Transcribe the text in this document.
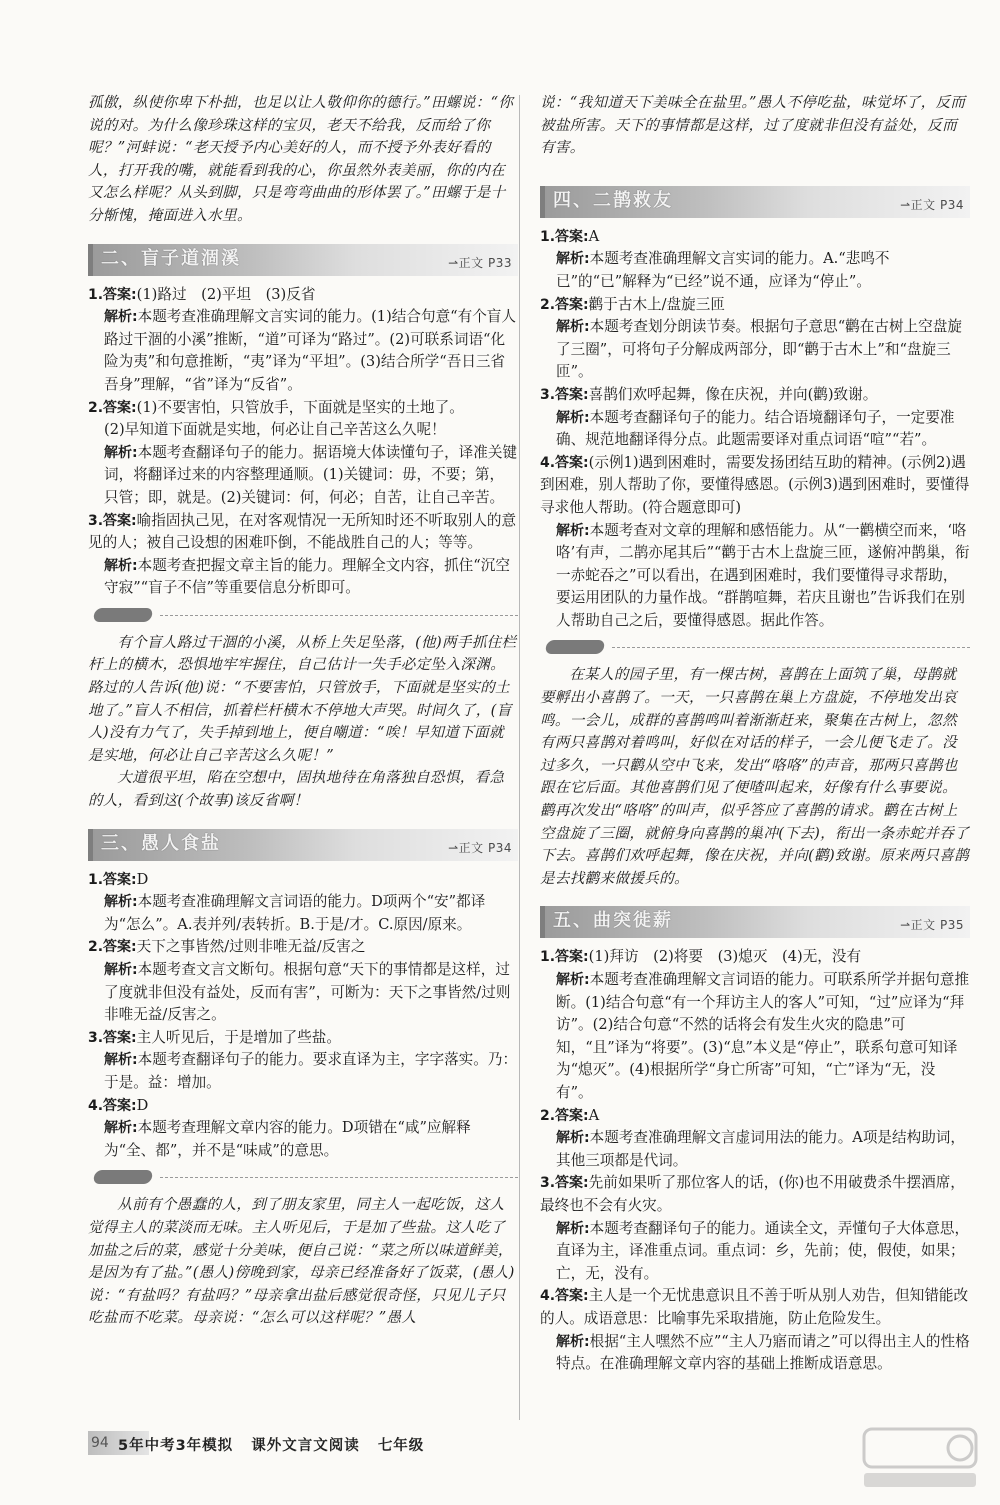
孤傲，纵使你卑下朴拙，也足以让人敬仰你的德行。”田螺说：“你说的对。为什么像珍珠这样的宝贝，老天不给我，反而给了你呢？”河蚌说：“老天授予内心美好的人，而不授予外表好看的人，打开我的嘴，就能看到我的心，你虽然外表美丽，你的内在又怎么样呢？从头到脚，只是弯弯曲曲的形体罢了。”田螺于是十分惭愧，掩面进入水里。

二、盲子道涸溪	⇀正文 P33

1.答案:(1)路过　(2)平坦　(3)反省

解析:本题考查准确理解文言实词的能力。(1)结合句意“有个盲人路过干涸的小溪”推断，“道”可译为“路过”。(2)可联系词语“化险为夷”和句意推断，“夷”译为“平坦”。(3)结合所学“吾日三省吾身”理解，“省”译为“反省”。

2.答案:(1)不要害怕，只管放手，下面就是坚实的土地了。

(2)早知道下面就是实地，何必让自己辛苦这么久呢！

解析:本题考查翻译句子的能力。据语境大体读懂句子，译准关键词，将翻译过来的内容整理通顺。(1)关键词：毋，不要；第，只管；即，就是。(2)关键词：何，何必；自苦，让自己辛苦。

3.答案:喻指固执己见，在对客观情况一无所知时还不听取别人的意见的人；被自己设想的困难吓倒，不能战胜自己的人；等等。

解析:本题考查把握文章主旨的能力。理解全文内容，抓住“沉空守寂”“盲子不信”等重要信息分析即可。

有个盲人路过干涸的小溪，从桥上失足坠落，(他)两手抓住栏杆上的横木，恐惧地牢牢握住，自己估计一失手必定坠入深渊。路过的人告诉(他)说：“不要害怕，只管放手，下面就是坚实的土地了。”盲人不相信，抓着栏杆横木不停地大声哭。时间久了，(盲人)没有力气了，失手掉到地上，便自嘲道：“唉！早知道下面就是实地，何必让自己辛苦这么久呢！”

大道很平坦，陷在空想中，固执地待在角落独自恐惧，看急的人，看到这(个故事)该反省啊！

三、愚人食盐	⇀正文 P34

1.答案:D

解析:本题考查准确理解文言词语的能力。D项两个“安”都译为“怎么”。A.表并列/表转折。B.于是/才。C.原因/原来。

2.答案:天下之事皆然/过则非唯无益/反害之

解析:本题考查文言文断句。根据句意“天下的事情都是这样，过了度就非但没有益处，反而有害”，可断为：天下之事皆然/过则非唯无益/反害之。

3.答案:主人听见后，于是增加了些盐。

解析:本题考查翻译句子的能力。要求直译为主，字字落实。乃：于是。益：增加。

4.答案:D

解析:本题考查理解文章内容的能力。D项错在“咸”应解释为“全、都”，并不是“味咸”的意思。

从前有个愚蠢的人，到了朋友家里，同主人一起吃饭，这人觉得主人的菜淡而无味。主人听见后，于是加了些盐。这人吃了加盐之后的菜，感觉十分美味，便自己说：“菜之所以味道鲜美，是因为有了盐。”(愚人)傍晚到家，母亲已经准备好了饭菜，(愚人)说：“有盐吗？有盐吗？”母亲拿出盐后感觉很奇怪，只见儿子只吃盐而不吃菜。母亲说：“怎么可以这样呢？”愚人

说：“我知道天下美味全在盐里。”愚人不停吃盐，味觉坏了，反而被盐所害。天下的事情都是这样，过了度就非但没有益处，反而有害。

四、二鹊救友	⇀正文 P34

1.答案:A

解析:本题考查准确理解文言实词的能力。A.“悲鸣不已”的“已”解释为“已经”说不通，应译为“停止”。

2.答案:鹳于古木上/盘旋三匝

解析:本题考查划分朗读节奏。根据句子意思“鹳在古树上空盘旋了三圈”，可将句子分解成两部分，即“鹳于古木上”和“盘旋三匝”。

3.答案:喜鹊们欢呼起舞，像在庆祝，并向(鹳)致谢。

解析:本题考查翻译句子的能力。结合语境翻译句子，一定要准确、规范地翻译得分点。此题需要译对重点词语“喧”“若”。

4.答案:(示例1)遇到困难时，需要发扬团结互助的精神。(示例2)遇到困难，别人帮助了你，要懂得感恩。(示例3)遇到困难时，要懂得寻求他人帮助。(符合题意即可)

解析:本题考查对文章的理解和感悟能力。从“一鹳横空而来，‘咯咯’有声，二鹊亦尾其后”“鹳于古木上盘旋三匝，遂俯冲鹊巢，衔一赤蛇吞之”可以看出，在遇到困难时，我们要懂得寻求帮助，要运用团队的力量作战。“群鹊喧舞，若庆且谢也”告诉我们在别人帮助自己之后，要懂得感恩。据此作答。

在某人的园子里，有一棵古树，喜鹊在上面筑了巢，母鹊就要孵出小喜鹊了。一天，一只喜鹊在巢上方盘旋，不停地发出哀鸣。一会儿，成群的喜鹊鸣叫着渐渐赶来，聚集在古树上，忽然有两只喜鹊对着鸣叫，好似在对话的样子，一会儿便飞走了。没过多久，一只鹳从空中飞来，发出“咯咯”的声音，那两只喜鹊也跟在它后面。其他喜鹊们见了便喳叫起来，好像有什么事要说。鹳再次发出“咯咯”的叫声，似乎答应了喜鹊的请求。鹳在古树上空盘旋了三圈，就俯身向喜鹊的巢冲(下去)，衔出一条赤蛇并吞了下去。喜鹊们欢呼起舞，像在庆祝，并向(鹳)致谢。原来两只喜鹊是去找鹳来做援兵的。

五、曲突徙薪	⇀正文 P35

1.答案:(1)拜访　(2)将要　(3)熄灭　(4)无，没有

解析:本题考查准确理解文言词语的能力。可联系所学并据句意推断。(1)结合句意“有一个拜访主人的客人”可知，“过”应译为“拜访”。(2)结合句意“不然的话将会有发生火灾的隐患”可知，“且”译为“将要”。(3)“息”本义是“停止”，联系句意可知译为“熄灭”。(4)根据所学“身亡所寄”可知，“亡”译为“无，没有”。

2.答案:A

解析:本题考查准确理解文言虚词用法的能力。A项是结构助词，其他三项都是代词。

3.答案:先前如果听了那位客人的话，(你)也不用破费杀牛摆酒席，最终也不会有火灾。

解析:本题考查翻译句子的能力。通读全文，弄懂句子大体意思，直译为主，译准重点词。重点词：乡，先前；使，假使，如果；亡，无，没有。

4.答案:主人是一个无忧患意识且不善于听从别人劝告，但知错能改的人。成语意思：比喻事先采取措施，防止危险发生。

解析:根据“主人嘿然不应”“主人乃寤而请之”可以得出主人的性格特点。在准确理解文章内容的基础上推断成语意思。

94 5年中考3年模拟 课外文言文阅读 七年级
